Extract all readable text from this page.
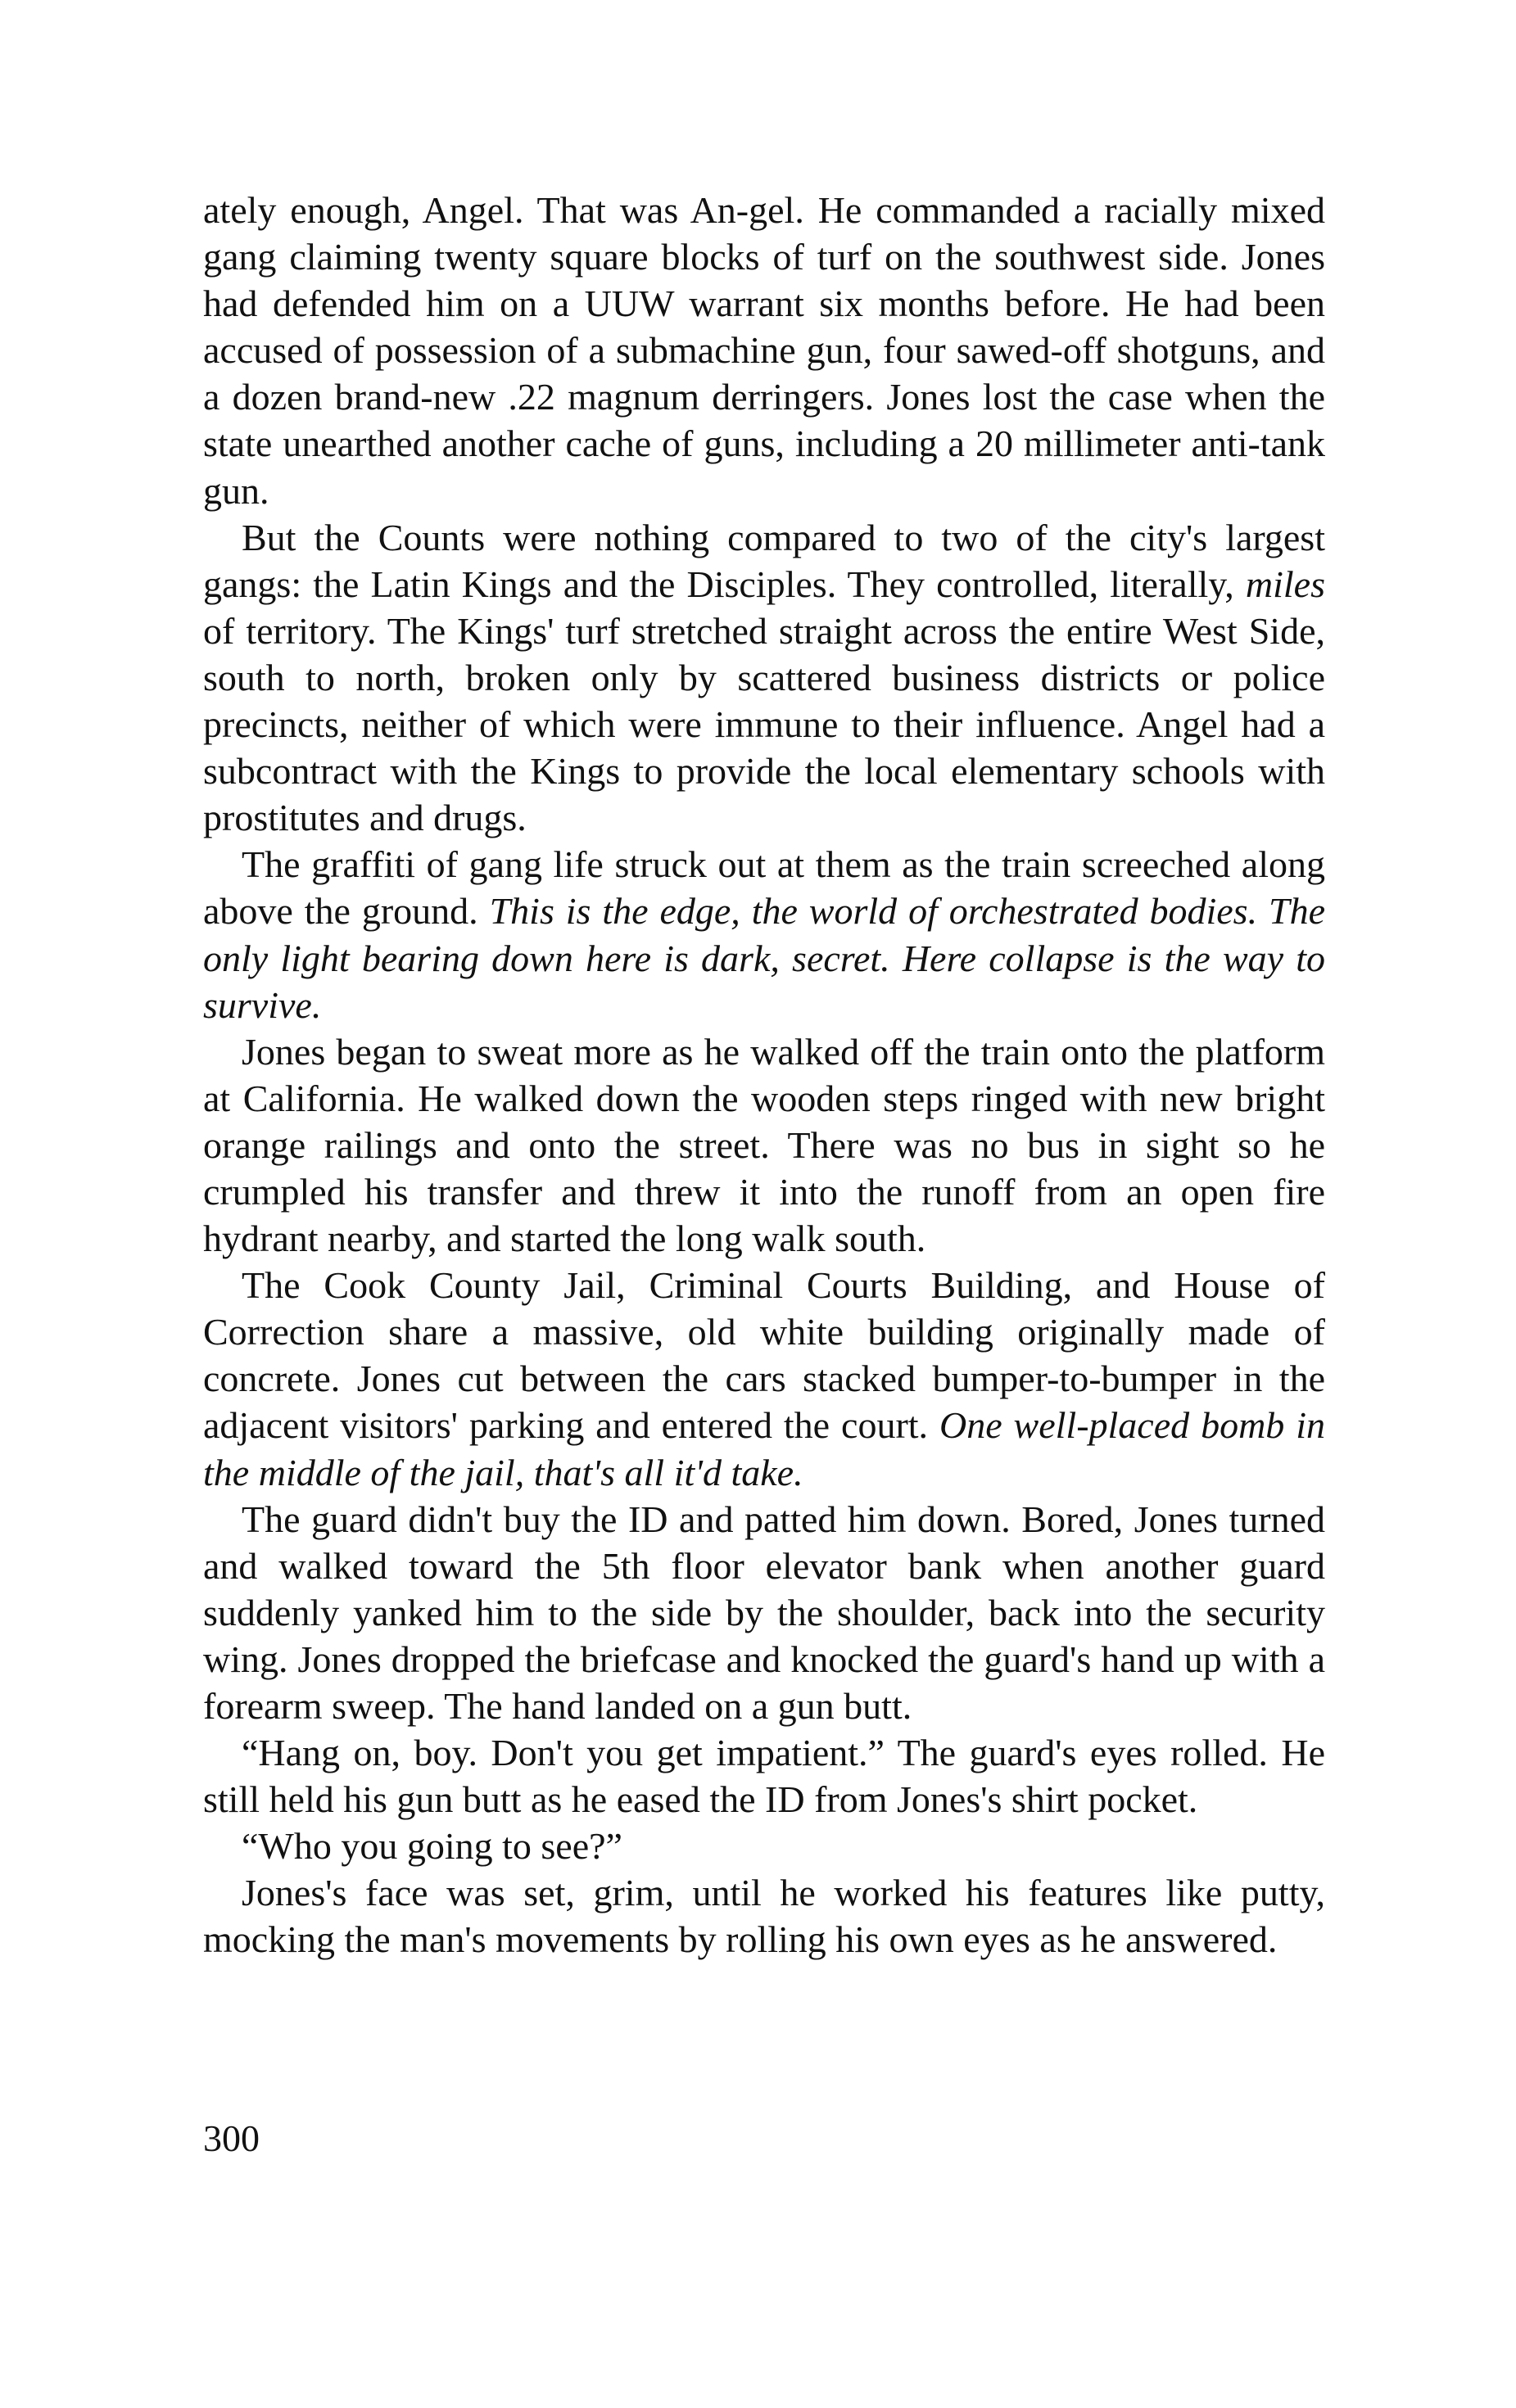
ately enough, Angel. That was An-gel. He commanded a racially mixed gang claiming twenty square blocks of turf on the southwest side. Jones had defended him on a UUW warrant six months before. He had been accused of possession of a submachine gun, four sawed-off shotguns, and a dozen brand-new .22 magnum derringers. Jones lost the case when the state unearthed another cache of guns, including a 20 millimeter anti-tank gun.

But the Counts were nothing compared to two of the city's largest gangs: the Latin Kings and the Disciples. They controlled, literally, miles of territory. The Kings' turf stretched straight across the entire West Side, south to north, broken only by scattered business districts or police precincts, neither of which were immune to their influence. Angel had a subcontract with the Kings to provide the local elementary schools with prostitutes and drugs.

The graffiti of gang life struck out at them as the train screeched along above the ground. This is the edge, the world of orchestrated bodies. The only light bearing down here is dark, secret. Here collapse is the way to survive.

Jones began to sweat more as he walked off the train onto the platform at California. He walked down the wooden steps ringed with new bright orange railings and onto the street. There was no bus in sight so he crumpled his transfer and threw it into the runoff from an open fire hydrant nearby, and started the long walk south.

The Cook County Jail, Criminal Courts Building, and House of Correction share a massive, old white building originally made of concrete. Jones cut between the cars stacked bumper-to-bumper in the adjacent visitors' parking and entered the court. One well-placed bomb in the middle of the jail, that's all it'd take.

The guard didn't buy the ID and patted him down. Bored, Jones turned and walked toward the 5th floor elevator bank when another guard suddenly yanked him to the side by the shoulder, back into the security wing. Jones dropped the briefcase and knocked the guard's hand up with a forearm sweep. The hand landed on a gun butt.

“Hang on, boy. Don't you get impatient.” The guard's eyes rolled. He still held his gun butt as he eased the ID from Jones's shirt pocket.

“Who you going to see?”

Jones's face was set, grim, until he worked his features like putty, mocking the man's movements by rolling his own eyes as he answered.

300
